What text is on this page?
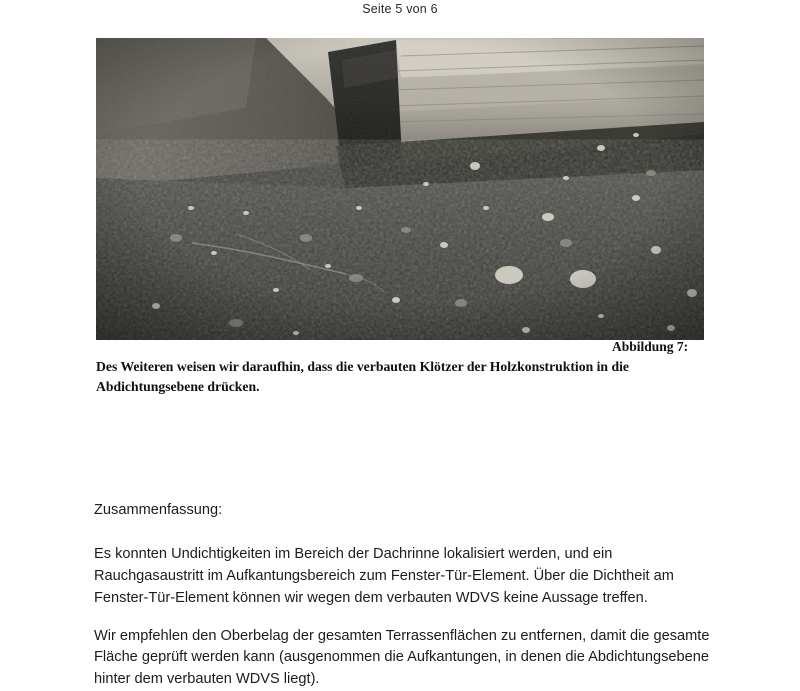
Seite 5 von 6
Abbildung 7:
Des Weiteren weisen wir daraufhin, dass die verbauten Klötzer der Holzkonstruktion in die Abdichtungsebene drücken.
Zusammenfassung:

Es konnten Undichtigkeiten im Bereich der Dachrinne lokalisiert werden, und ein Rauchgasaustritt im Aufkantungsbereich zum Fenster-Tür-Element. Über die Dichtheit am Fenster-Tür-Element können wir wegen dem verbauten WDVS keine Aussage treffen.

Wir empfehlen den Oberbelag der gesamten Terrassenflächen zu entfernen, damit die gesamte Fläche geprüft werden kann (ausgenommen die Aufkantungen, in denen die Abdichtungsebene hinter dem verbauten WDVS liegt).
